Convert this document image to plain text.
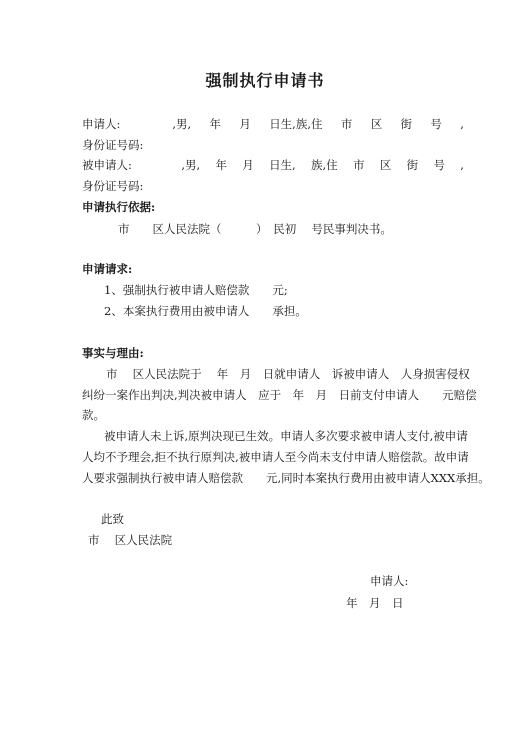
强制执行申请书
申请人:	,男, 年 月 日生,族,住 市 区 街 号 ,
身份证号码:
被申请人:	,男, 年 月 日生, 族,住 市 区 街 号 ,
身份证号码:
申请执行依据:
市　　区人民法院（　　　）　民初　 号民事判决书。
申请请求:
1、强制执行被申请人赔偿款　　元;
2、本案执行费用由被申请人　　承担。
事实与理由:
市　 区人民法院于　 年　月　日就申请人　诉被申请人　人身损害侵权
纠纷一案作出判决,判决被申请人　应于　年　月　日前支付申请人　　元赔偿
款。
被申请人未上诉,原判决现已生效。申请人多次要求被申请人支付,被申请
人均不予理会,拒不执行原判决,被申请人至今尚未支付申请人赔偿款。故申请
人要求强制执行被申请人赔偿款　　元,同时本案执行费用由被申请人XXX承担。
此致
市　 区人民法院
申请人:
年　月　日
